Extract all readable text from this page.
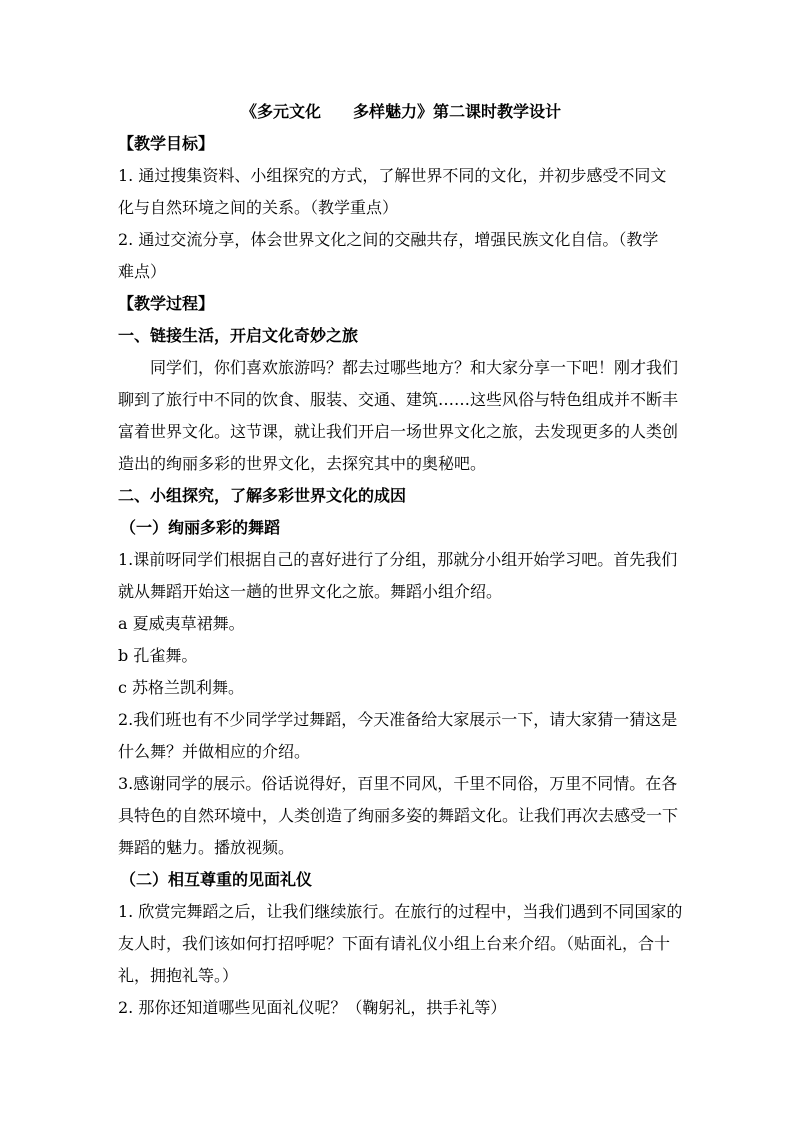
《多元文化　　多样魅力》第二课时教学设计

【教学目标】

1. 通过搜集资料、小组探究的方式，了解世界不同的文化，并初步感受不同文

化与自然环境之间的关系。（教学重点）

2. 通过交流分享，体会世界文化之间的交融共存，增强民族文化自信。（教学

难点）

【教学过程】

一、链接生活，开启文化奇妙之旅

同学们，你们喜欢旅游吗？都去过哪些地方？和大家分享一下吧！刚才我们

聊到了旅行中不同的饮食、服装、交通、建筑……这些风俗与特色组成并不断丰

富着世界文化。这节课，就让我们开启一场世界文化之旅，去发现更多的人类创

造出的绚丽多彩的世界文化，去探究其中的奥秘吧。

二、小组探究，了解多彩世界文化的成因

（一）绚丽多彩的舞蹈

1.课前呀同学们根据自己的喜好进行了分组，那就分小组开始学习吧。首先我们

就从舞蹈开始这一趟的世界文化之旅。舞蹈小组介绍。

a 夏威夷草裙舞。

b 孔雀舞。

c 苏格兰凯利舞。

2.我们班也有不少同学学过舞蹈，今天准备给大家展示一下，请大家猜一猜这是

什么舞？并做相应的介绍。

3.感谢同学的展示。俗话说得好，百里不同风，千里不同俗，万里不同情。在各

具特色的自然环境中，人类创造了绚丽多姿的舞蹈文化。让我们再次去感受一下

舞蹈的魅力。播放视频。

（二）相互尊重的见面礼仪

1. 欣赏完舞蹈之后，让我们继续旅行。在旅行的过程中，当我们遇到不同国家的

友人时，我们该如何打招呼呢？下面有请礼仪小组上台来介绍。（贴面礼，合十

礼，拥抱礼等。）

2. 那你还知道哪些见面礼仪呢？（鞠躬礼，拱手礼等）
